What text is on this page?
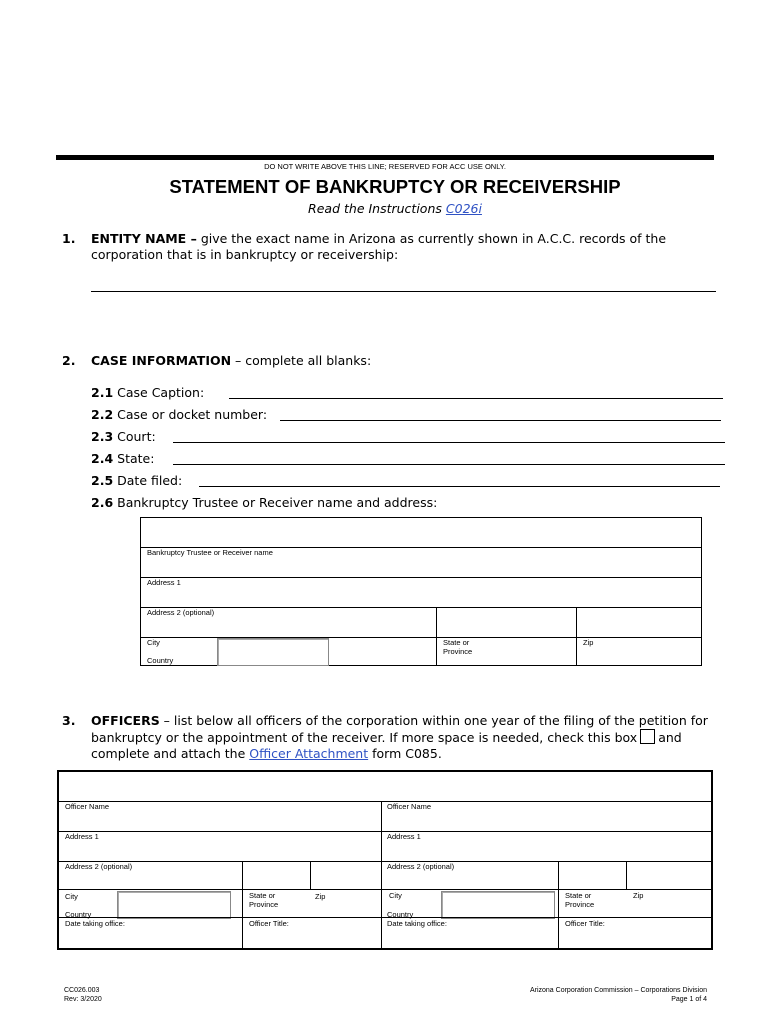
DO NOT WRITE ABOVE THIS LINE; RESERVED FOR ACC USE ONLY.
STATEMENT OF BANKRUPTCY OR RECEIVERSHIP
Read the Instructions C026i
1. ENTITY NAME – give the exact name in Arizona as currently shown in A.C.C. records of the
corporation that is in bankruptcy or receivership:
2. CASE INFORMATION – complete all blanks:
2.1 Case Caption:
2.2 Case or docket number:
2.3 Court:
2.4 State:
2.5 Date filed:
2.6 Bankruptcy Trustee or Receiver name and address:
Bankruptcy Trustee or Receiver name
Address 1
Address 2 (optional)
City
Country
State or
Province
Zip
3. OFFICERS – list below all officers of the corporation within one year of the filing of the petition for
bankruptcy or the appointment of the receiver. If more space is needed, check this box and
complete and attach the Officer Attachment form C085.
Officer Name
Address 1
Address 2 (optional)
City
Country
State or
Province
Zip
Date taking office:	Officer Title:
Officer Name
Address 1
Address 2 (optional)
City
Country
State or
Province
Zip
Date taking office:	Officer Title:
CC026.003
Rev: 3/2020
Arizona Corporation Commission – Corporations Division
Page 1 of 4
